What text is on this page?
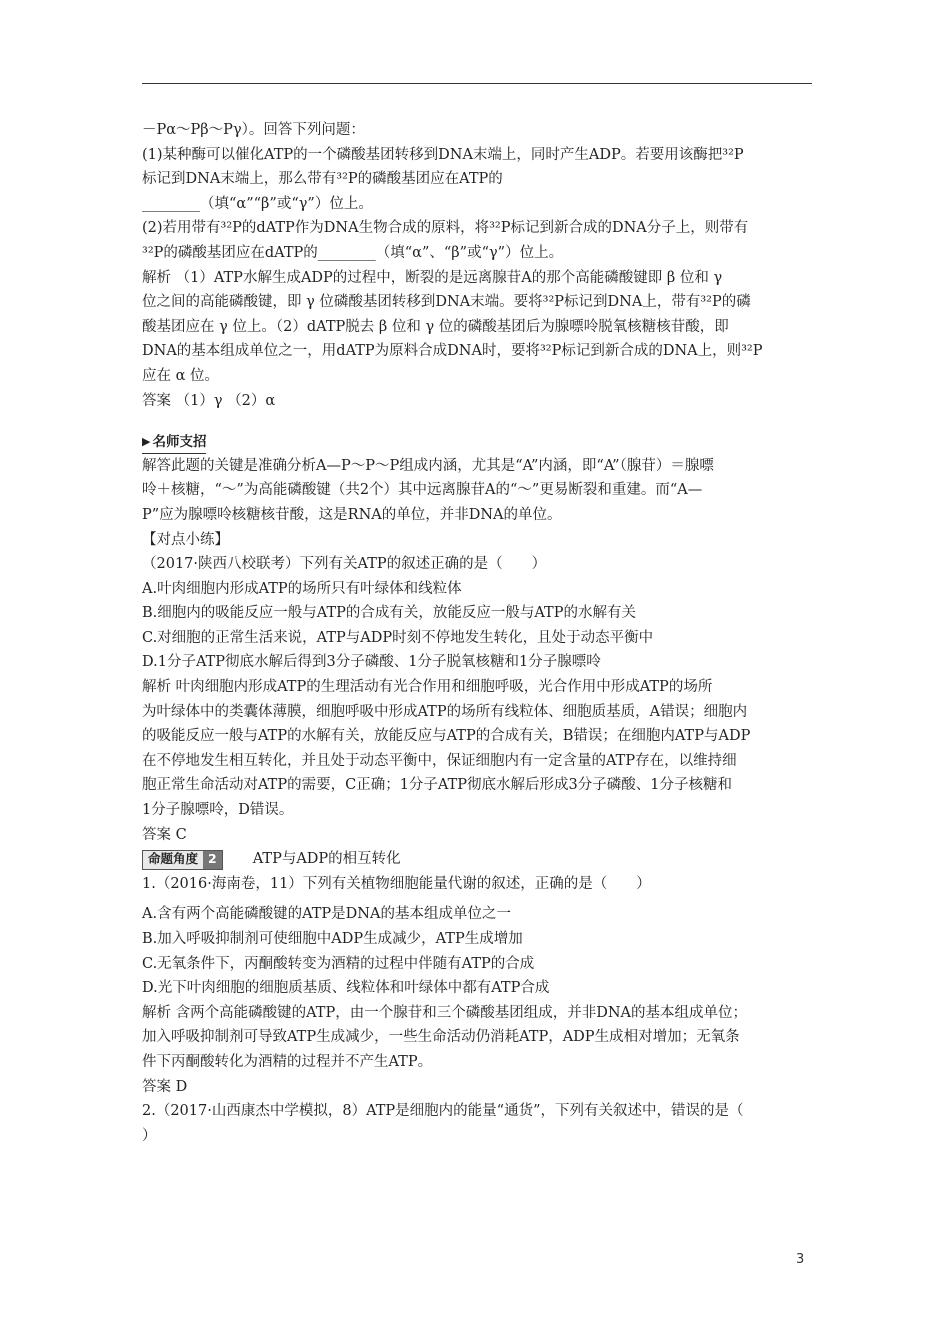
－Pα～Pβ～Pγ）。回答下列问题：
(1)某种酶可以催化ATP的一个磷酸基团转移到DNA末端上，同时产生ADP。若要用该酶把³²P
标记到DNA末端上，那么带有³²P的磷酸基团应在ATP的
________（填“α”“β”或“γ”）位上。
(2)若用带有³²P的dATP作为DNA生物合成的原料，将³²P标记到新合成的DNA分子上，则带有
³²P的磷酸基团应在dATP的________（填“α”、“β”或“γ”）位上。
解析 （1）ATP水解生成ADP的过程中，断裂的是远离腺苷A的那个高能磷酸键即 β 位和 γ
位之间的高能磷酸键，即 γ 位磷酸基团转移到DNA末端。要将³²P标记到DNA上，带有³²P的磷
酸基团应在 γ 位上。（2）dATP脱去 β 位和 γ 位的磷酸基团后为腺嘌呤脱氧核糖核苷酸，即
DNA的基本组成单位之一，用dATP为原料合成DNA时，要将³²P标记到新合成的DNA上，则³²P
应在 α 位。
答案 （1）γ （2）α
▶ 名师支招
解答此题的关键是准确分析A—P～P～P组成内涵，尤其是“A”内涵，即“A”（腺苷）＝腺嘌
呤＋核糖，“～”为高能磷酸键（共2个）其中远离腺苷A的“～”更易断裂和重建。而“A—
P”应为腺嘌呤核糖核苷酸，这是RNA的单位，并非DNA的单位。
【对点小练】
（2017·陕西八校联考）下列有关ATP的叙述正确的是（　　）
A.叶肉细胞内形成ATP的场所只有叶绿体和线粒体
B.细胞内的吸能反应一般与ATP的合成有关，放能反应一般与ATP的水解有关
C.对细胞的正常生活来说，ATP与ADP时刻不停地发生转化，且处于动态平衡中
D.1分子ATP彻底水解后得到3分子磷酸、1分子脱氧核糖和1分子腺嘌呤
解析 叶肉细胞内形成ATP的生理活动有光合作用和细胞呼吸，光合作用中形成ATP的场所
为叶绿体中的类囊体薄膜，细胞呼吸中形成ATP的场所有线粒体、细胞质基质，A错误；细胞内
的吸能反应一般与ATP的水解有关，放能反应与ATP的合成有关，B错误；在细胞内ATP与ADP
在不停地发生相互转化，并且处于动态平衡中，保证细胞内有一定含量的ATP存在，以维持细
胞正常生命活动对ATP的需要，C正确；1分子ATP彻底水解后形成3分子磷酸、1分子核糖和
1分子腺嘌呤，D错误。
答案 C
命题角度 2	ATP与ADP的相互转化
1.（2016·海南卷，11）下列有关植物细胞能量代谢的叙述，正确的是（　　）
A.含有两个高能磷酸键的ATP是DNA的基本组成单位之一
B.加入呼吸抑制剂可使细胞中ADP生成减少，ATP生成增加
C.无氧条件下，丙酮酸转变为酒精的过程中伴随有ATP的合成
D.光下叶肉细胞的细胞质基质、线粒体和叶绿体中都有ATP合成
解析 含两个高能磷酸键的ATP，由一个腺苷和三个磷酸基团组成，并非DNA的基本组成单位；
加入呼吸抑制剂可导致ATP生成减少，一些生命活动仍消耗ATP，ADP生成相对增加；无氧条
件下丙酮酸转化为酒精的过程并不产生ATP。
答案 D
2.（2017·山西康杰中学模拟，8）ATP是细胞内的能量“通货”，下列有关叙述中，错误的是（
）
3
